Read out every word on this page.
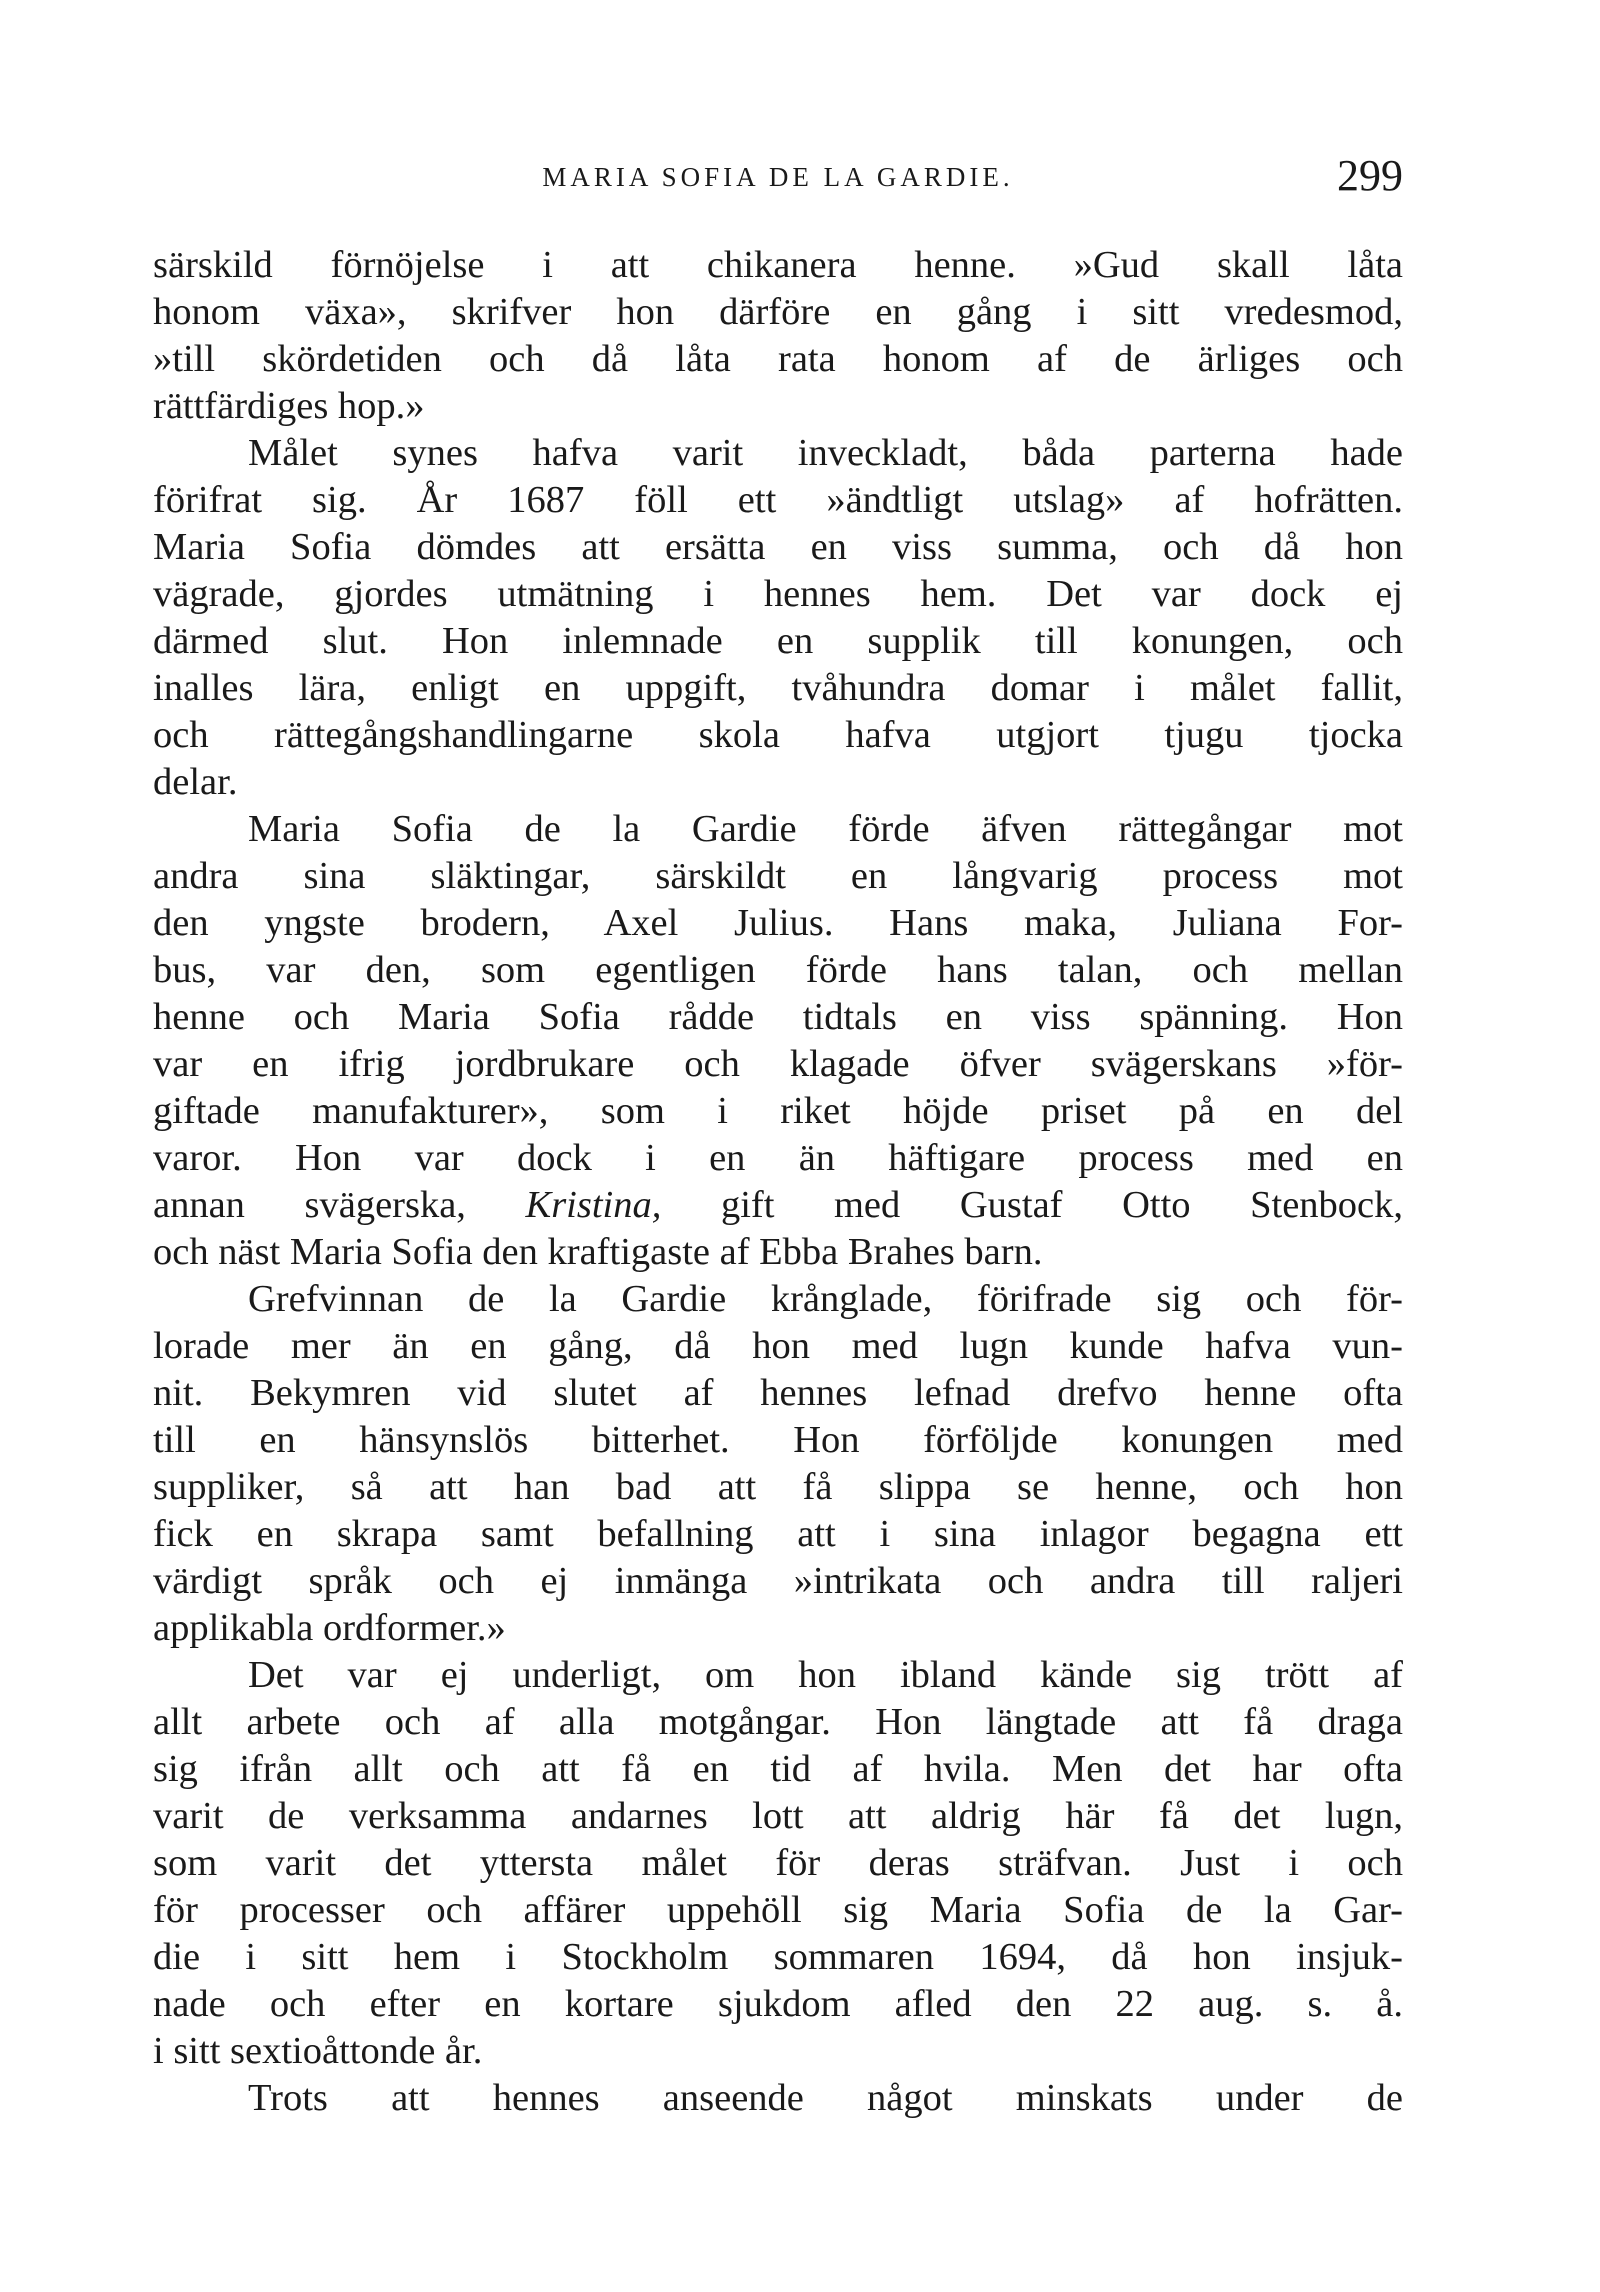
MARIA SOFIA DE LA GARDIE.	299
särskild förnöjelse i att chikanera henne. »Gud skall låta
honom växa», skrifver hon därföre en gång i sitt vredesmod,
»till skördetiden och då låta rata honom af de ärliges och
rättfärdiges hop.»
Målet synes hafva varit inveckladt, båda parterna hade
förifrat sig. År 1687 föll ett »ändtligt utslag» af hofrätten.
Maria Sofia dömdes att ersätta en viss summa, och då hon
vägrade, gjordes utmätning i hennes hem. Det var dock ej
därmed slut. Hon inlemnade en supplik till konungen, och
inalles lära, enligt en uppgift, tvåhundra domar i målet fallit,
och rättegångshandlingarne skola hafva utgjort tjugu tjocka
delar.
Maria Sofia de la Gardie förde äfven rättegångar mot
andra sina släktingar, särskildt en långvarig process mot
den yngste brodern, Axel Julius. Hans maka, Juliana For-
bus, var den, som egentligen förde hans talan, och mellan
henne och Maria Sofia rådde tidtals en viss spänning. Hon
var en ifrig jordbrukare och klagade öfver svägerskans »för-
giftade manufakturer», som i riket höjde priset på en del
varor. Hon var dock i en än häftigare process med en
annan svägerska, Kristina, gift med Gustaf Otto Stenbock,
och näst Maria Sofia den kraftigaste af Ebba Brahes barn.
Grefvinnan de la Gardie krånglade, förifrade sig och för-
lorade mer än en gång, då hon med lugn kunde hafva vun-
nit. Bekymren vid slutet af hennes lefnad drefvo henne ofta
till en hänsynslös bitterhet. Hon förföljde konungen med
suppliker, så att han bad att få slippa se henne, och hon
fick en skrapa samt befallning att i sina inlagor begagna ett
värdigt språk och ej inmänga »intrikata och andra till raljeri
applikabla ordformer.»
Det var ej underligt, om hon ibland kände sig trött af
allt arbete och af alla motgångar. Hon längtade att få draga
sig ifrån allt och att få en tid af hvila. Men det har ofta
varit de verksamma andarnes lott att aldrig här få det lugn,
som varit det yttersta målet för deras sträfvan. Just i och
för processer och affärer uppehöll sig Maria Sofia de la Gar-
die i sitt hem i Stockholm sommaren 1694, då hon insjuk-
nade och efter en kortare sjukdom afled den 22 aug. s. å.
i sitt sextioåttonde år.
Trots att hennes anseende något minskats under de
